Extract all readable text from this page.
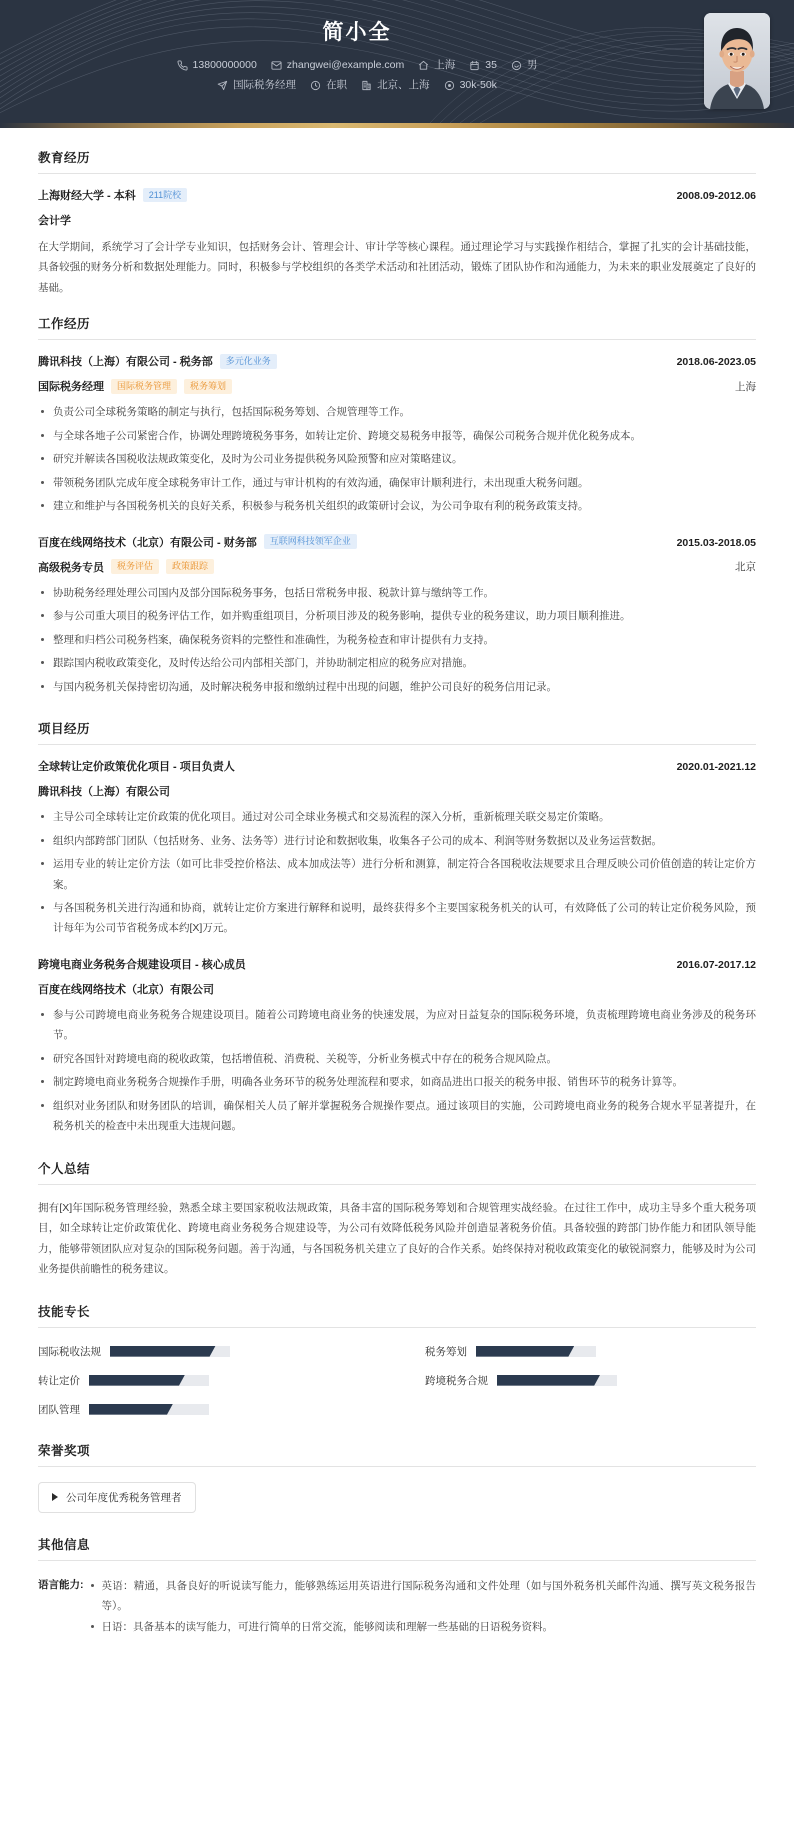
简小全
13800000000	zhangwei@example.com	上海	35	男
国际税务经理	在职	北京、上海	30k-50k
教育经历
上海财经大学 - 本科	211院校	2008.09-2012.06
会计学
在大学期间，系统学习了会计学专业知识，包括财务会计、管理会计、审计学等核心课程。通过理论学习与实践操作相结合，掌握了扎实的会计基础技能，具备较强的财务分析和数据处理能力。同时，积极参与学校组织的各类学术活动和社团活动，锻炼了团队协作和沟通能力，为未来的职业发展奠定了良好的基础。
工作经历
腾讯科技（上海）有限公司 - 税务部	多元化业务	2018.06-2023.05
国际税务经理	国际税务管理	税务筹划	上海
负责公司全球税务策略的制定与执行，包括国际税务筹划、合规管理等工作。
与全球各地子公司紧密合作，协调处理跨境税务事务，如转让定价、跨境交易税务申报等，确保公司税务合规并优化税务成本。
研究并解读各国税收法规政策变化，及时为公司业务提供税务风险预警和应对策略建议。
带领税务团队完成年度全球税务审计工作，通过与审计机构的有效沟通，确保审计顺利进行，未出现重大税务问题。
建立和维护与各国税务机关的良好关系，积极参与税务机关组织的政策研讨会议，为公司争取有利的税务政策支持。
百度在线网络技术（北京）有限公司 - 财务部	互联网科技领军企业	2015.03-2018.05
高级税务专员	税务评估	政策跟踪	北京
协助税务经理处理公司国内及部分国际税务事务，包括日常税务申报、税款计算与缴纳等工作。
参与公司重大项目的税务评估工作，如并购重组项目，分析项目涉及的税务影响，提供专业的税务建议，助力项目顺利推进。
整理和归档公司税务档案，确保税务资料的完整性和准确性，为税务检查和审计提供有力支持。
跟踪国内税收政策变化，及时传达给公司内部相关部门，并协助制定相应的税务应对措施。
与国内税务机关保持密切沟通，及时解决税务申报和缴纳过程中出现的问题，维护公司良好的税务信用记录。
项目经历
全球转让定价政策优化项目 - 项目负责人	2020.01-2021.12
腾讯科技（上海）有限公司
主导公司全球转让定价政策的优化项目。通过对公司全球业务模式和交易流程的深入分析，重新梳理关联交易定价策略。
组织内部跨部门团队（包括财务、业务、法务等）进行讨论和数据收集，收集各子公司的成本、利润等财务数据以及业务运营数据。
运用专业的转让定价方法（如可比非受控价格法、成本加成法等）进行分析和测算，制定符合各国税收法规要求且合理反映公司价值创造的转让定价方案。
与各国税务机关进行沟通和协商，就转让定价方案进行解释和说明，最终获得多个主要国家税务机关的认可，有效降低了公司的转让定价税务风险，预计每年为公司节省税务成本约[X]万元。
跨境电商业务税务合规建设项目 - 核心成员	2016.07-2017.12
百度在线网络技术（北京）有限公司
参与公司跨境电商业务税务合规建设项目。随着公司跨境电商业务的快速发展，为应对日益复杂的国际税务环境，负责梳理跨境电商业务涉及的税务环节。
研究各国针对跨境电商的税收政策，包括增值税、消费税、关税等，分析业务模式中存在的税务合规风险点。
制定跨境电商业务税务合规操作手册，明确各业务环节的税务处理流程和要求，如商品进出口报关的税务申报、销售环节的税务计算等。
组织对业务团队和财务团队的培训，确保相关人员了解并掌握税务合规操作要点。通过该项目的实施，公司跨境电商业务的税务合规水平显著提升，在税务机关的检查中未出现重大违规问题。
个人总结
拥有[X]年国际税务管理经验，熟悉全球主要国家税收法规政策，具备丰富的国际税务筹划和合规管理实战经验。在过往工作中，成功主导多个重大税务项目，如全球转让定价政策优化、跨境电商业务税务合规建设等，为公司有效降低税务风险并创造显著税务价值。具备较强的跨部门协作能力和团队领导能力，能够带领团队应对复杂的国际税务问题。善于沟通，与各国税务机关建立了良好的合作关系。始终保持对税收政策变化的敏锐洞察力，能够及时为公司业务提供前瞻性的税务建议。
技能专长
国际税收法规	税务筹划
转让定价	跨境税务合规
团队管理
荣誉奖项
公司年度优秀税务管理者
其他信息
语言能力:	英语：精通，具备良好的听说读写能力，能够熟练运用英语进行国际税务沟通和文件处理（如与国外税务机关邮件沟通、撰写英文税务报告等）。
日语：具备基本的读写能力，可进行简单的日常交流，能够阅读和理解一些基础的日语税务资料。
